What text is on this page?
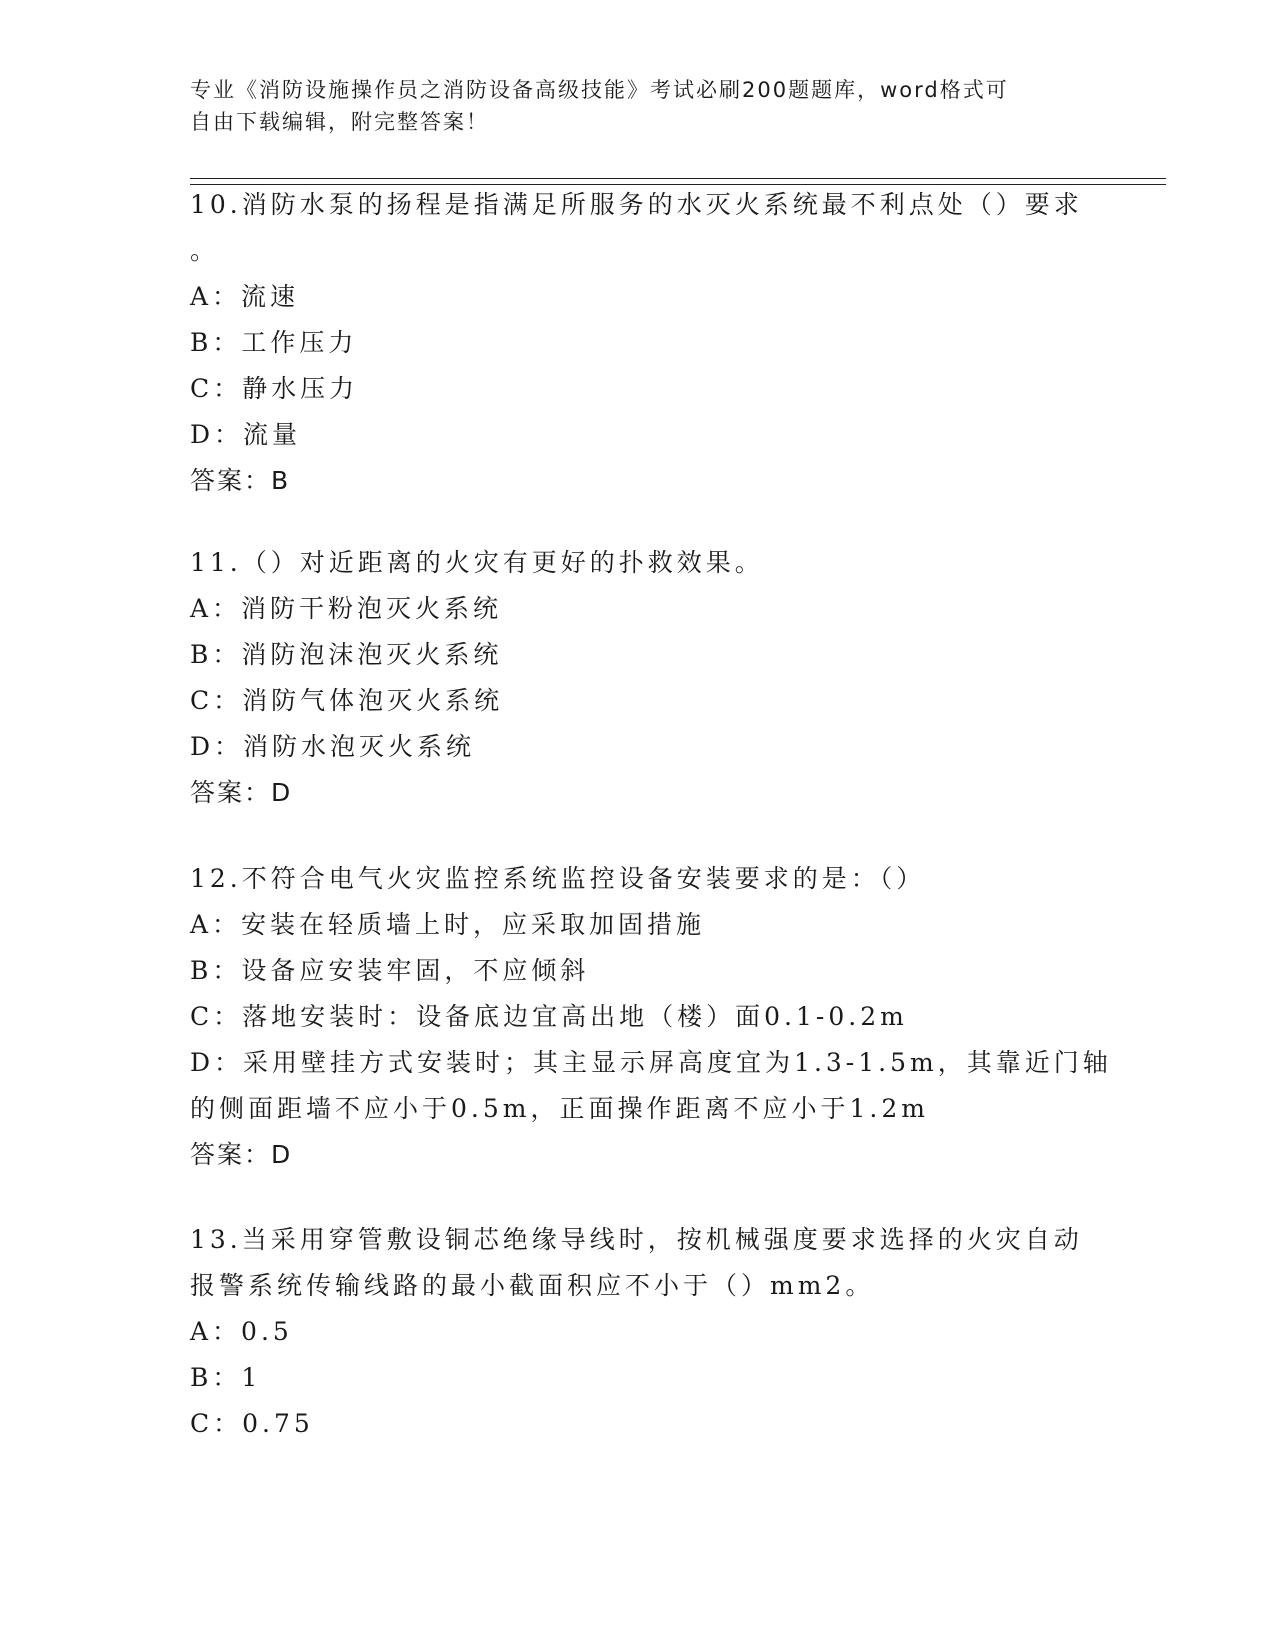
专业《消防设施操作员之消防设备高级技能》考试必刷200题题库，word格式可
自由下载编辑，附完整答案！
10.消防水泵的扬程是指满足所服务的水灭火系统最不利点处（）要求
。
A：流速
B：工作压力
C：静水压力
D：流量
答案：B
11.（）对近距离的火灾有更好的扑救效果。
A：消防干粉泡灭火系统
B：消防泡沫泡灭火系统
C：消防气体泡灭火系统
D：消防水泡灭火系统
答案：D
12.不符合电气火灾监控系统监控设备安装要求的是：（）
A：安装在轻质墙上时，应采取加固措施
B：设备应安装牢固，不应倾斜
C：落地安装时：设备底边宜高出地（楼）面0.1-0.2m
D：采用壁挂方式安装时；其主显示屏高度宜为1.3-1.5m，其靠近门轴
的侧面距墙不应小于0.5m，正面操作距离不应小于1.2m
答案：D
13.当采用穿管敷设铜芯绝缘导线时，按机械强度要求选择的火灾自动
报警系统传输线路的最小截面积应不小于（）mm2。
A：0.5
B：1
C：0.75
